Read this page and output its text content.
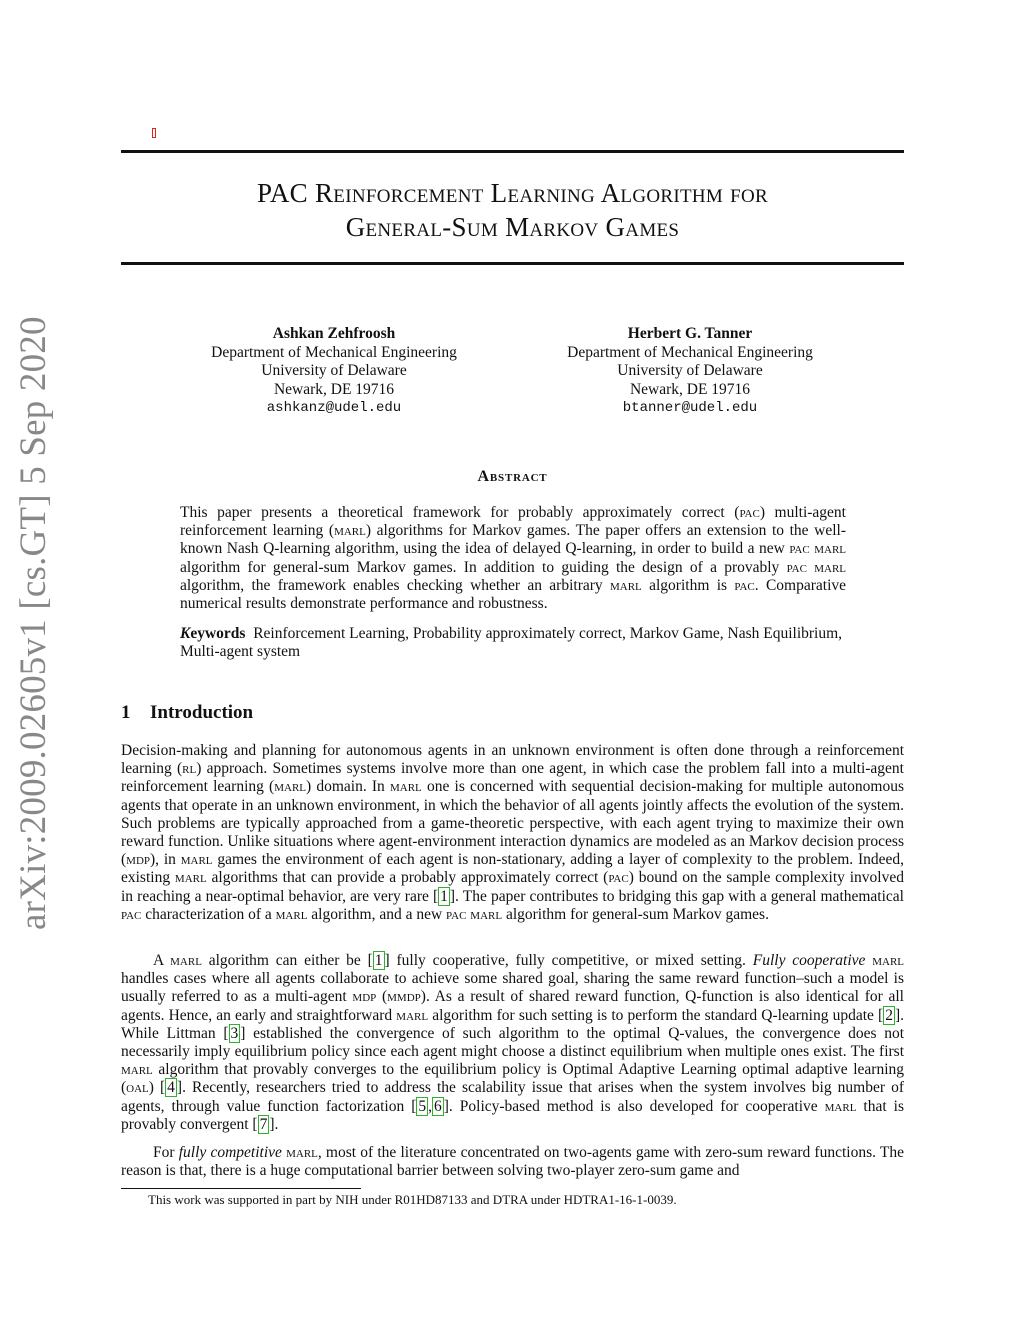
arXiv:2009.02605v1 [cs.GT] 5 Sep 2020
PAC Reinforcement Learning Algorithm for
General-Sum Markov Games
Ashkan Zehfroosh
Department of Mechanical Engineering
University of Delaware
Newark, DE 19716
ashkanz@udel.edu
Herbert G. Tanner
Department of Mechanical Engineering
University of Delaware
Newark, DE 19716
btanner@udel.edu
Abstract
This paper presents a theoretical framework for probably approximately correct (pac) multi-agent reinforcement learning (marl) algorithms for Markov games. The paper offers an extension to the well-known Nash Q-learning algorithm, using the idea of delayed Q-learning, in order to build a new pac marl algorithm for general-sum Markov games. In addition to guiding the design of a provably pac marl algorithm, the framework enables checking whether an arbitrary marl algorithm is pac. Comparative numerical results demonstrate performance and robustness.
Keywords Reinforcement Learning, Probability approximately correct, Markov Game, Nash Equilibrium, Multi-agent system
1 Introduction
Decision-making and planning for autonomous agents in an unknown environment is often done through a reinforcement learning (rl) approach. Sometimes systems involve more than one agent, in which case the problem fall into a multi-agent reinforcement learning (marl) domain. In marl one is concerned with sequential decision-making for multiple autonomous agents that operate in an unknown environment, in which the behavior of all agents jointly affects the evolution of the system. Such problems are typically approached from a game-theoretic perspective, with each agent trying to maximize their own reward function. Unlike situations where agent-environment interaction dynamics are modeled as an Markov decision process (mdp), in marl games the environment of each agent is non-stationary, adding a layer of complexity to the problem. Indeed, existing marl algorithms that can provide a probably approximately correct (pac) bound on the sample complexity involved in reaching a near-optimal behavior, are very rare [ 1 ]. The paper contributes to bridging this gap with a general mathematical pac characterization of a marl algorithm, and a new pac marl algorithm for general-sum Markov games.
A marl algorithm can either be [ 1 ] fully cooperative, fully competitive, or mixed setting. Fully cooperative marl handles cases where all agents collaborate to achieve some shared goal, sharing the same reward function–such a model is usually referred to as a multi-agent mdp (mmdp). As a result of shared reward function, Q-function is also identical for all agents. Hence, an early and straightforward marl algorithm for such setting is to perform the standard Q-learning update [ 2 ]. While Littman [ 3 ] established the convergence of such algorithm to the optimal Q-values, the convergence does not necessarily imply equilibrium policy since each agent might choose a distinct equilibrium when multiple ones exist. The first marl algorithm that provably converges to the equilibrium policy is Optimal Adaptive Learning optimal adaptive learning (oal) [ 4 ]. Recently, researchers tried to address the scalability issue that arises when the system involves big number of agents, through value function factorization [ 5 , 6 ]. Policy-based method is also developed for cooperative marl that is provably convergent [ 7 ].
For fully competitive marl, most of the literature concentrated on two-agents game with zero-sum reward functions. The reason is that, there is a huge computational barrier between solving two-player zero-sum game and
This work was supported in part by NIH under R01HD87133 and DTRA under HDTRA1-16-1-0039.
